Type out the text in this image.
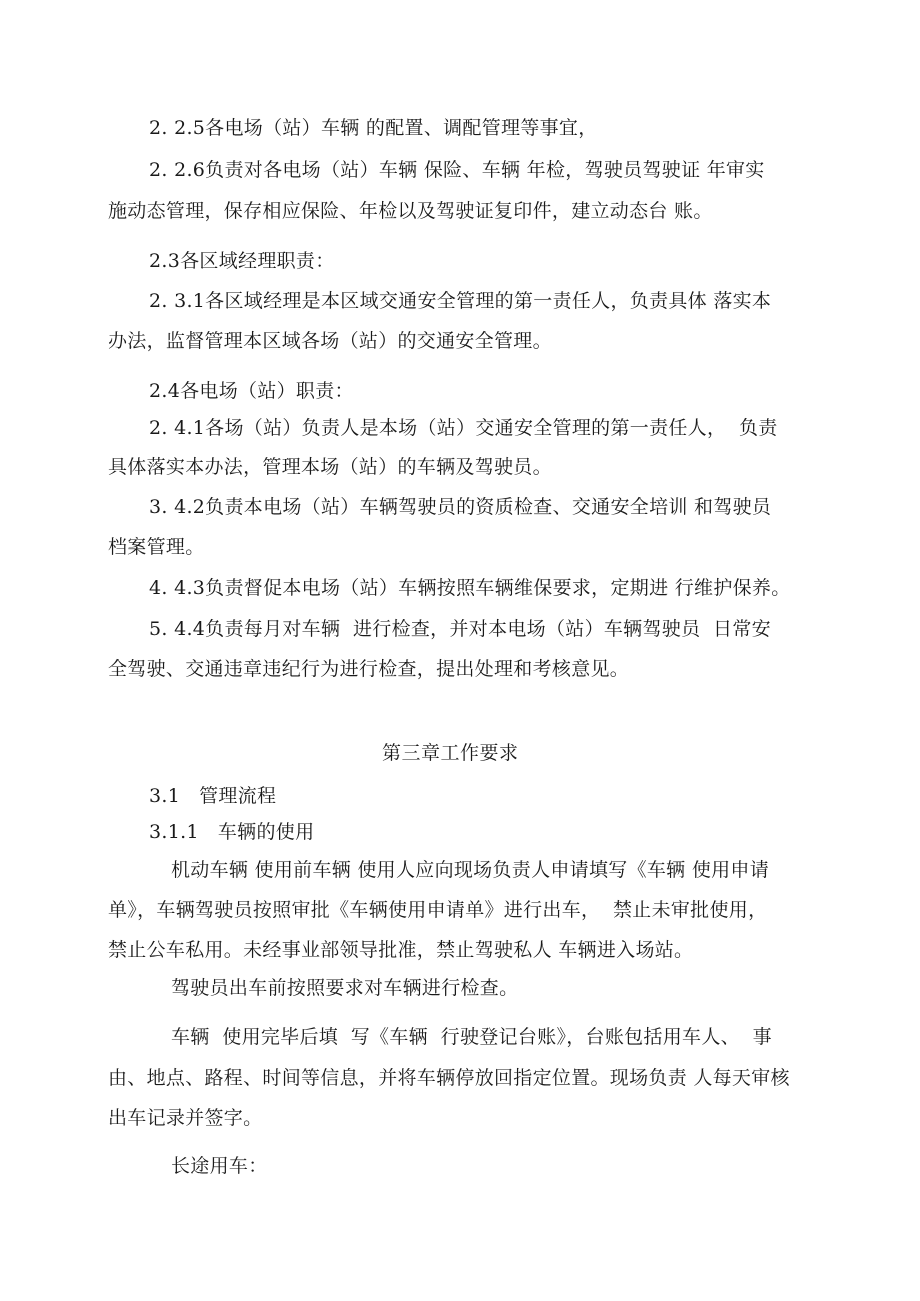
2. 2.5各电场（站）车辆 的配置、调配管理等事宜，
2. 2.6负责对各电场（站）车辆 保险、车辆 年检，驾驶员驾驶证 年审实
施动态管理，保存相应保险、年检以及驾驶证复印件，建立动态台 账。
2.3各区域经理职责：
2. 3.1各区域经理是本区域交通安全管理的第一责任人，负责具体 落实本
办法，监督管理本区域各场（站）的交通安全管理。
2.4各电场（站）职责：
2. 4.1各场（站）负责人是本场（站）交通安全管理的第一责任人，  负责
具体落实本办法，管理本场（站）的车辆及驾驶员。
3. 4.2负责本电场（站）车辆驾驶员的资质检查、交通安全培训 和驾驶员
档案管理。
4. 4.3负责督促本电场（站）车辆按照车辆维保要求，定期进 行维护保养。
5. 4.4负责每月对车辆  进行检查，并对本电场（站）车辆驾驶员  日常安
全驾驶、交通违章违纪行为进行检查，提出处理和考核意见。
第三章工作要求
3.1   管理流程
3.1.1   车辆的使用
机动车辆 使用前车辆 使用人应向现场负责人申请填写《车辆 使用申请
单》，车辆驾驶员按照审批《车辆使用申请单》进行出车，  禁止未审批使用，
禁止公车私用。未经事业部领导批准，禁止驾驶私人 车辆进入场站。
驾驶员出车前按照要求对车辆进行检查。
车辆  使用完毕后填  写《车辆  行驶登记台账》，台账包括用车人、  事
由、地点、路程、时间等信息，并将车辆停放回指定位置。现场负责 人每天审核
出车记录并签字。
长途用车：
